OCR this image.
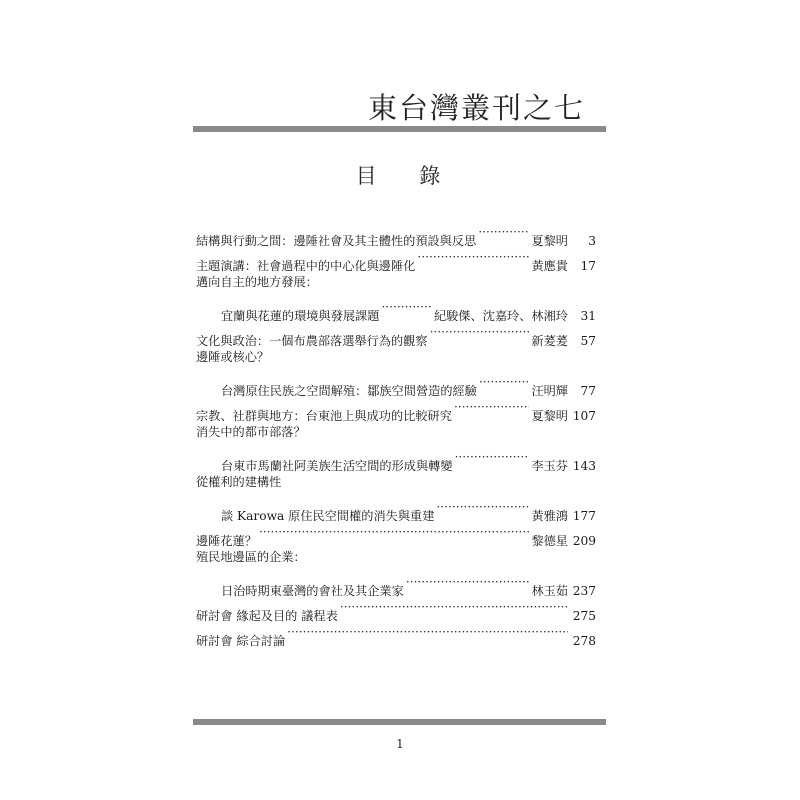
東台灣叢刊之七
目 錄
結構與行動之間：邊陲社會及其主體性的預設與反思 ·····	夏黎明	3
主題演講：社會過程中的中心化與邊陲化 ·····	黃應貴	17
邁向自主的地方發展：
宜蘭與花蓮的環境與發展課題 ·····	紀駿傑、沈嘉玲、林湘玲	31
文化與政治：一個布農部落選舉行為的觀察 ·····	新萲萲	57
邊陲或核心？
台灣原住民族之空間解殖：鄒族空間營造的經驗 ·····	汪明輝	77
宗教、社群與地方：台東池上與成功的比較研究 ·····	夏黎明 107
消失中的都市部落？
台東市馬蘭社阿美族生活空間的形成與轉變 ·····	李玉芬 143
從權利的建構性
談 Karowa 原住民空間權的消失與重建 ·····	黃雅鴻 177
邊陲花蓮？ ·····	黎德星 209
殖民地邊區的企業：
日治時期東臺灣的會社及其企業家 ·····	林玉茹 237
研討會 緣起及目的 議程表 ·····	275
研討會 綜合討論 ·····	278
1
